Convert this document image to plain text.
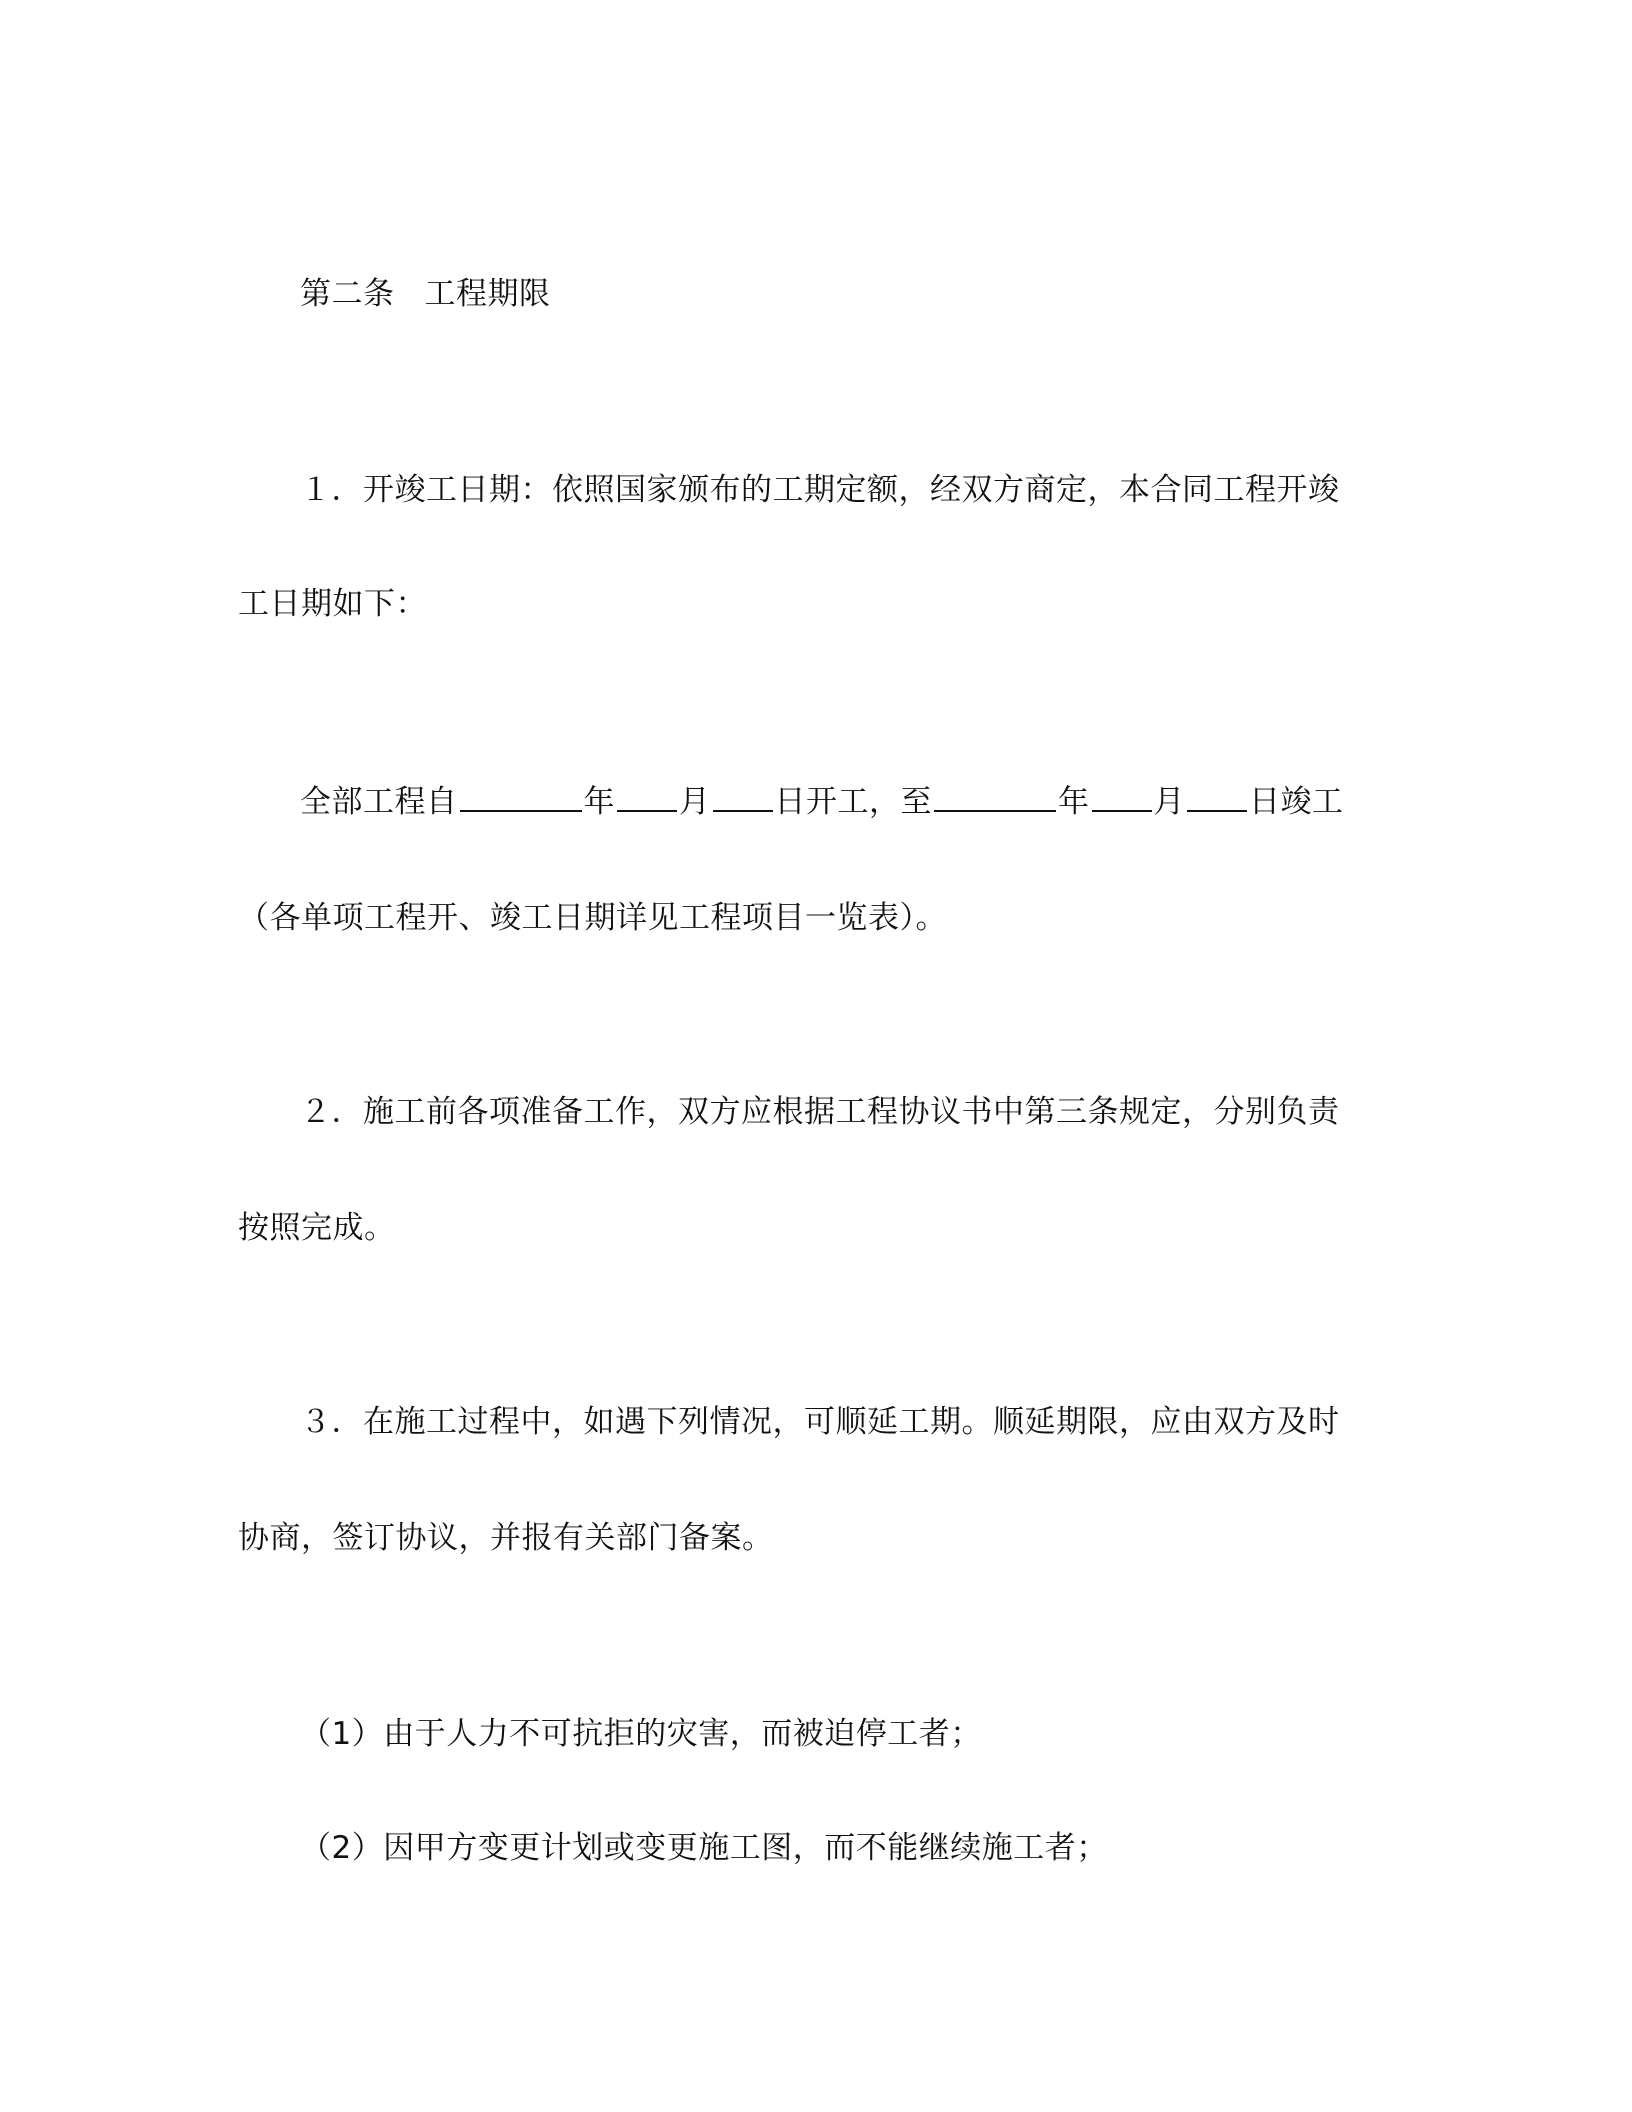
第二条 工程期限
１．开竣工日期：依照国家颁布的工期定额，经双方商定，本合同工程开竣
工日期如下：
全部工程自	年 月 日开工，至	年 月 日竣工
（各单项工程开、竣工日期详见工程项目一览表）。
２．施工前各项准备工作，双方应根据工程协议书中第三条规定，分别负责
按照完成。
３．在施工过程中，如遇下列情况，可顺延工期。顺延期限，应由双方及时
协商，签订协议，并报有关部门备案。
（1）由于人力不可抗拒的灾害，而被迫停工者；
（2）因甲方变更计划或变更施工图，而不能继续施工者；
